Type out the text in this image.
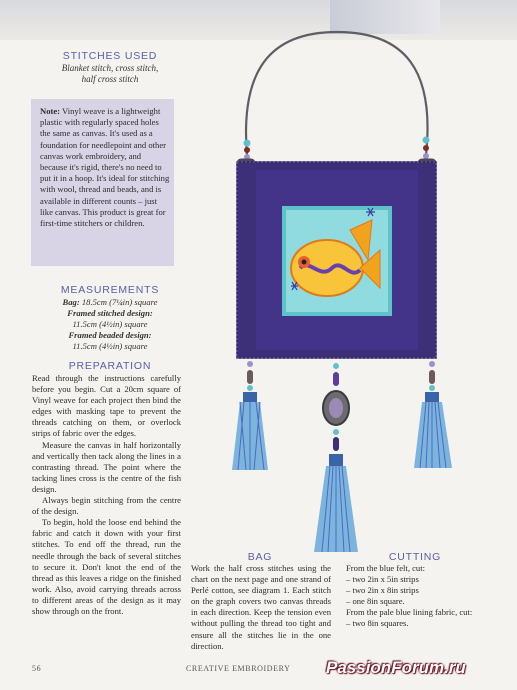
STITCHES USED
Blanket stitch, cross stitch,
half cross stitch
Note: Vinyl weave is a lightweight plastic with regularly spaced holes the same as canvas. It's used as a foundation for needlepoint and other canvas work embroidery, and because it's rigid, there's no need to put it in a hoop. It's ideal for stitching with wool, thread and beads, and is available in different counts – just like canvas. This product is great for first-time stitchers or children.
MEASUREMENTS
Bag: 18.5cm (7¼in) square
Framed stitched design:
11.5cm (4½in) square
Framed beaded design:
11.5cm (4½in) square
PREPARATION

Read through the instructions carefully before you begin. Cut a 20cm square of Vinyl weave for each project then bind the edges with masking tape to prevent the threads catching on them, or overlock strips of fabric over the edges.

Measure the canvas in half horizontally and vertically then tack along the lines in a contrasting thread. The point where the tacking lines cross is the centre of the fish design.

Always begin stitching from the centre of the design.

To begin, hold the loose end behind the fabric and catch it down with your first stitches. To end off the thread, run the needle through the back of several stitches to secure it. Don't knot the end of the thread as this leaves a ridge on the finished work. Also, avoid carrying threads across to different areas of the design as it may show through on the front.

BAG

Work the half cross stitches using the chart on the next page and one strand of Perlé cotton, see diagram 1. Each stitch on the graph covers two canvas threads in each direction. Keep the tension even without pulling the thread too tight and ensure all the stitches lie in the one direction.

CUTTING
From the blue felt, cut:
– two 2in x 5in strips
– two 2in x 8in strips
– one 8in square.
From the pale blue lining fabric, cut:
– two 8in squares.
56	CREATIVE EMBROIDERY PassionForum.ru
